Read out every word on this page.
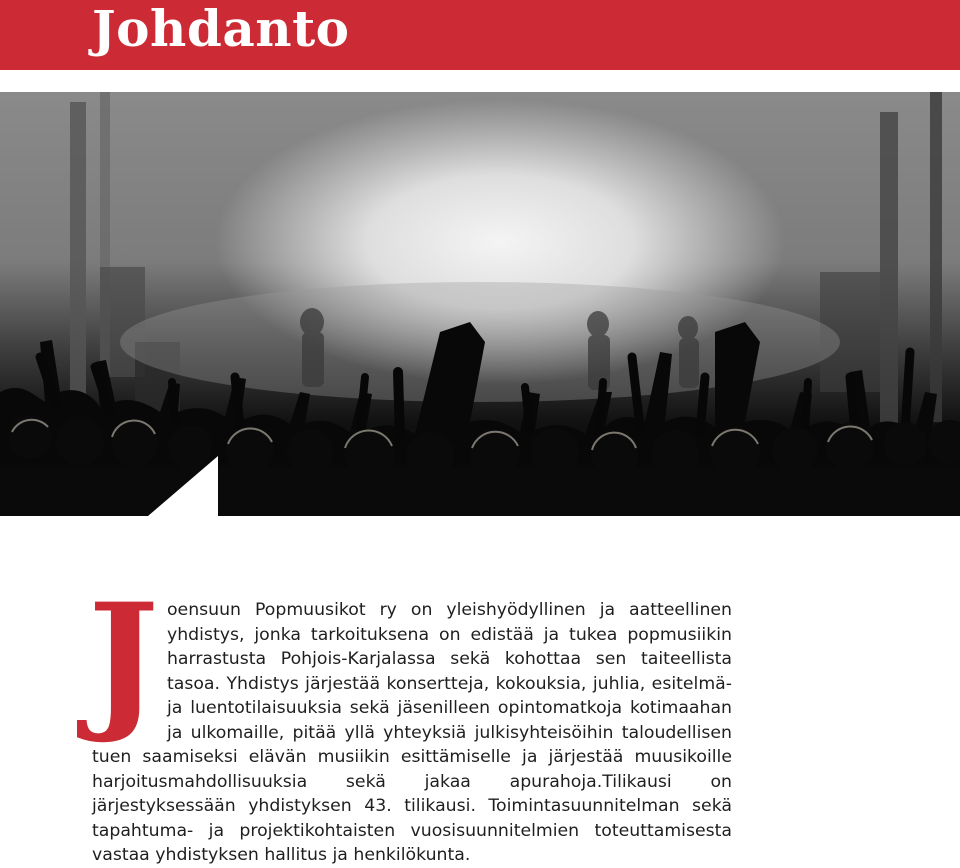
Johdanto
Joensuun Popmuusikot ry on yleishyödyllinen ja aatteellinen yhdistys, jonka tarkoituksena on edistää ja tukea popmusiikin harrastusta Pohjois-Karjalassa sekä kohottaa sen taiteellista tasoa. Yhdistys järjestää konsertteja, kokouksia, juhlia, esitelmä- ja luentotilaisuuksia sekä jäsenilleen opintomatkoja kotimaahan ja ulkomaille, pitää yllä yhteyksiä julkisyhteisöihin taloudellisen tuen saamiseksi elävän musiikin esittämiselle ja järjestää muusikoille harjoitusmahdollisuuksia sekä jakaa apurahoja.Tilikausi on järjestyksessään yhdistyksen 43. tilikausi. Toimintasuunnitelman sekä tapahtuma- ja projektikohtaisten vuosisuunnitelmien toteuttamisesta vastaa yhdistyksen hallitus ja henkilökunta.
